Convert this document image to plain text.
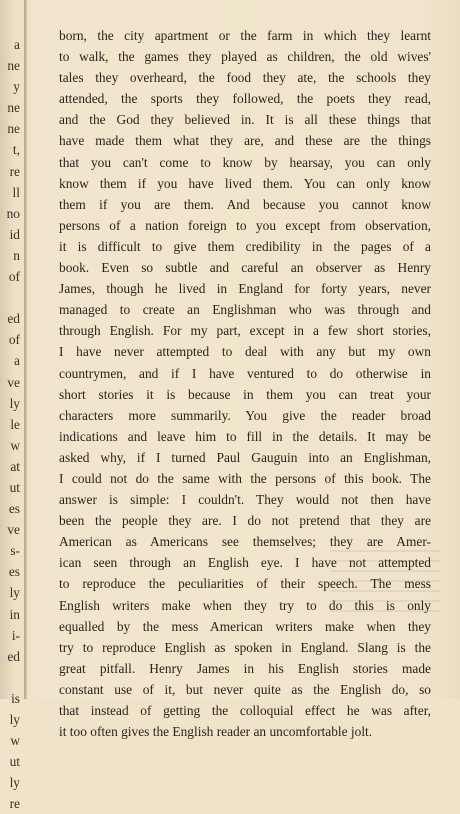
a
ne
y
ne
ne
t,
re
ll
no
id
n
of
ed
of
a
ve
ly
le
w
at
ut
es
ve
s-
es
ly
in
i-
ed
is
ly
w
ut
ly
re
born, the city apartment or the farm in which they learnt
to walk, the games they played as children, the old wives'
tales they overheard, the food they ate, the schools they
attended, the sports they followed, the poets they read,
and the God they believed in. It is all these things that
have made them what they are, and these are the things
that you can't come to know by hearsay, you can only
know them if you have lived them. You can only know
them if you are them. And because you cannot know
persons of a nation foreign to you except from observation,
it is difficult to give them credibility in the pages of a
book. Even so subtle and careful an observer as Henry
James, though he lived in England for forty years, never
managed to create an Englishman who was through and
through English. For my part, except in a few short stories,
I have never attempted to deal with any but my own
countrymen, and if I have ventured to do otherwise in
short stories it is because in them you can treat your
characters more summarily. You give the reader broad
indications and leave him to fill in the details. It may be
asked why, if I turned Paul Gauguin into an Englishman,
I could not do the same with the persons of this book. The
answer is simple: I couldn't. They would not then have
been the people they are. I do not pretend that they are
American as Americans see themselves; they are Amer-
ican seen through an English eye. I have not attempted
to reproduce the peculiarities of their speech. The mess
English writers make when they try to do this is only
equalled by the mess American writers make when they
try to reproduce English as spoken in England. Slang is the
great pitfall. Henry James in his English stories made
constant use of it, but never quite as the English do, so
that instead of getting the colloquial effect he was after,
it too often gives the English reader an uncomfortable jolt.
